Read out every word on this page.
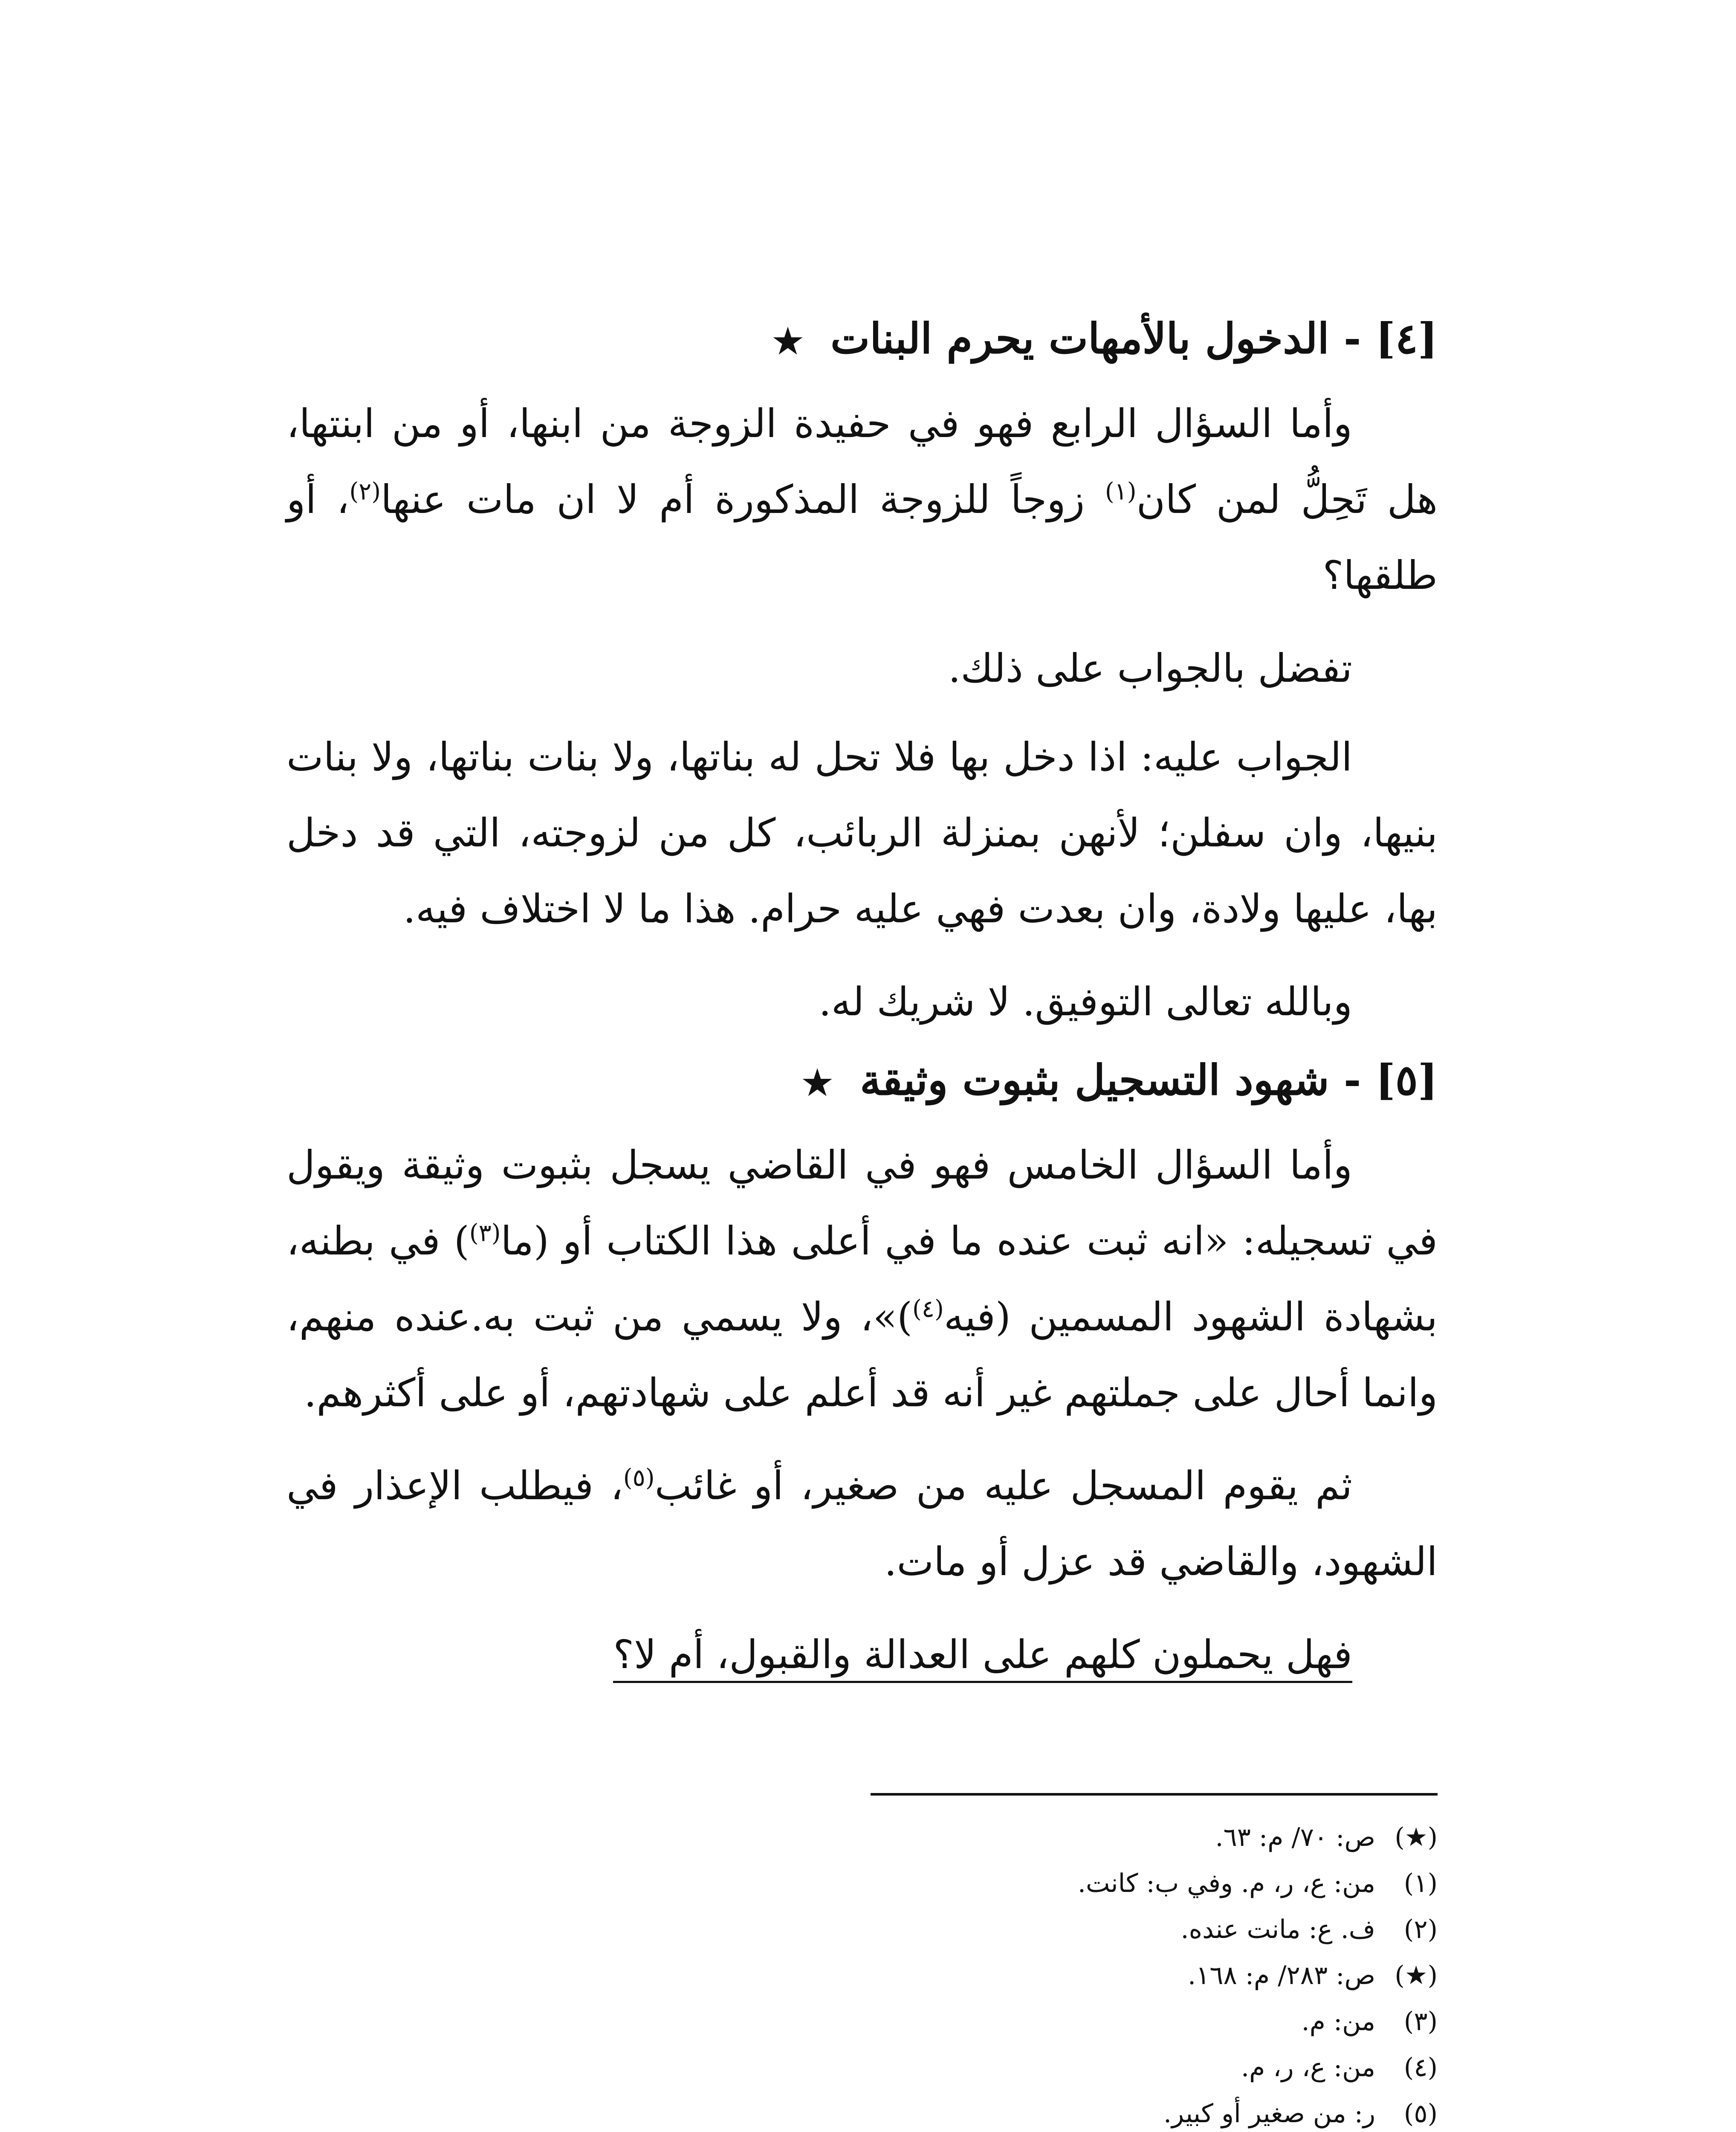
[٤] - الدخول بالأمهات يحرم البنات ★

وأما السؤال الرابع فهو في حفيدة الزوجة من ابنها، أو من ابنتها، هل تَحِلُّ لمن كان$^{(١)}$ زوجاً للزوجة المذكورة أم لا ان مات عنها$^{(٢)}$، أو طلقها؟

تفضل بالجواب على ذلك.

الجواب عليه: اذا دخل بها فلا تحل له بناتها، ولا بنات بناتها، ولا بنات بنيها، وان سفلن؛ لأنهن بمنزلة الربائب، كل من لزوجته، التي قد دخل بها، عليها ولادة، وان بعدت فهي عليه حرام. هذا ما لا اختلاف فيه.

وبالله تعالى التوفيق. لا شريك له.

[٥] - شهود التسجيل بثبوت وثيقة ★

وأما السؤال الخامس فهو في القاضي يسجل بثبوت وثيقة ويقول في تسجيله: «انه ثبت عنده ما في أعلى هذا الكتاب أو (ما$^{(٣)}$) في بطنه، بشهادة الشهود المسمين (فيه$^{(٤)}$)»، ولا يسمي من ثبت به.عنده منهم، وانما أحال على جملتهم غير أنه قد أعلم على شهادتهم، أو على أكثرهم.

ثم يقوم المسجل عليه من صغير، أو غائب$^{(٥)}$، فيطلب الإعذار في الشهود، والقاضي قد عزل أو مات.

فهل يحملون كلهم على العدالة والقبول، أم لا؟

(★)
ص: ٧٠/ م: ٦٣.
(١)
من: ع، ر، م. وفي ب: كانت.
(٢)
ف. ع: مانت عنده.
(★)
ص: ٢٨٣/ م: ١٦٨.
(٣)
من: م.
(٤)
من: ع، ر، م.
(٥)
ر: من صغير أو كبير.
